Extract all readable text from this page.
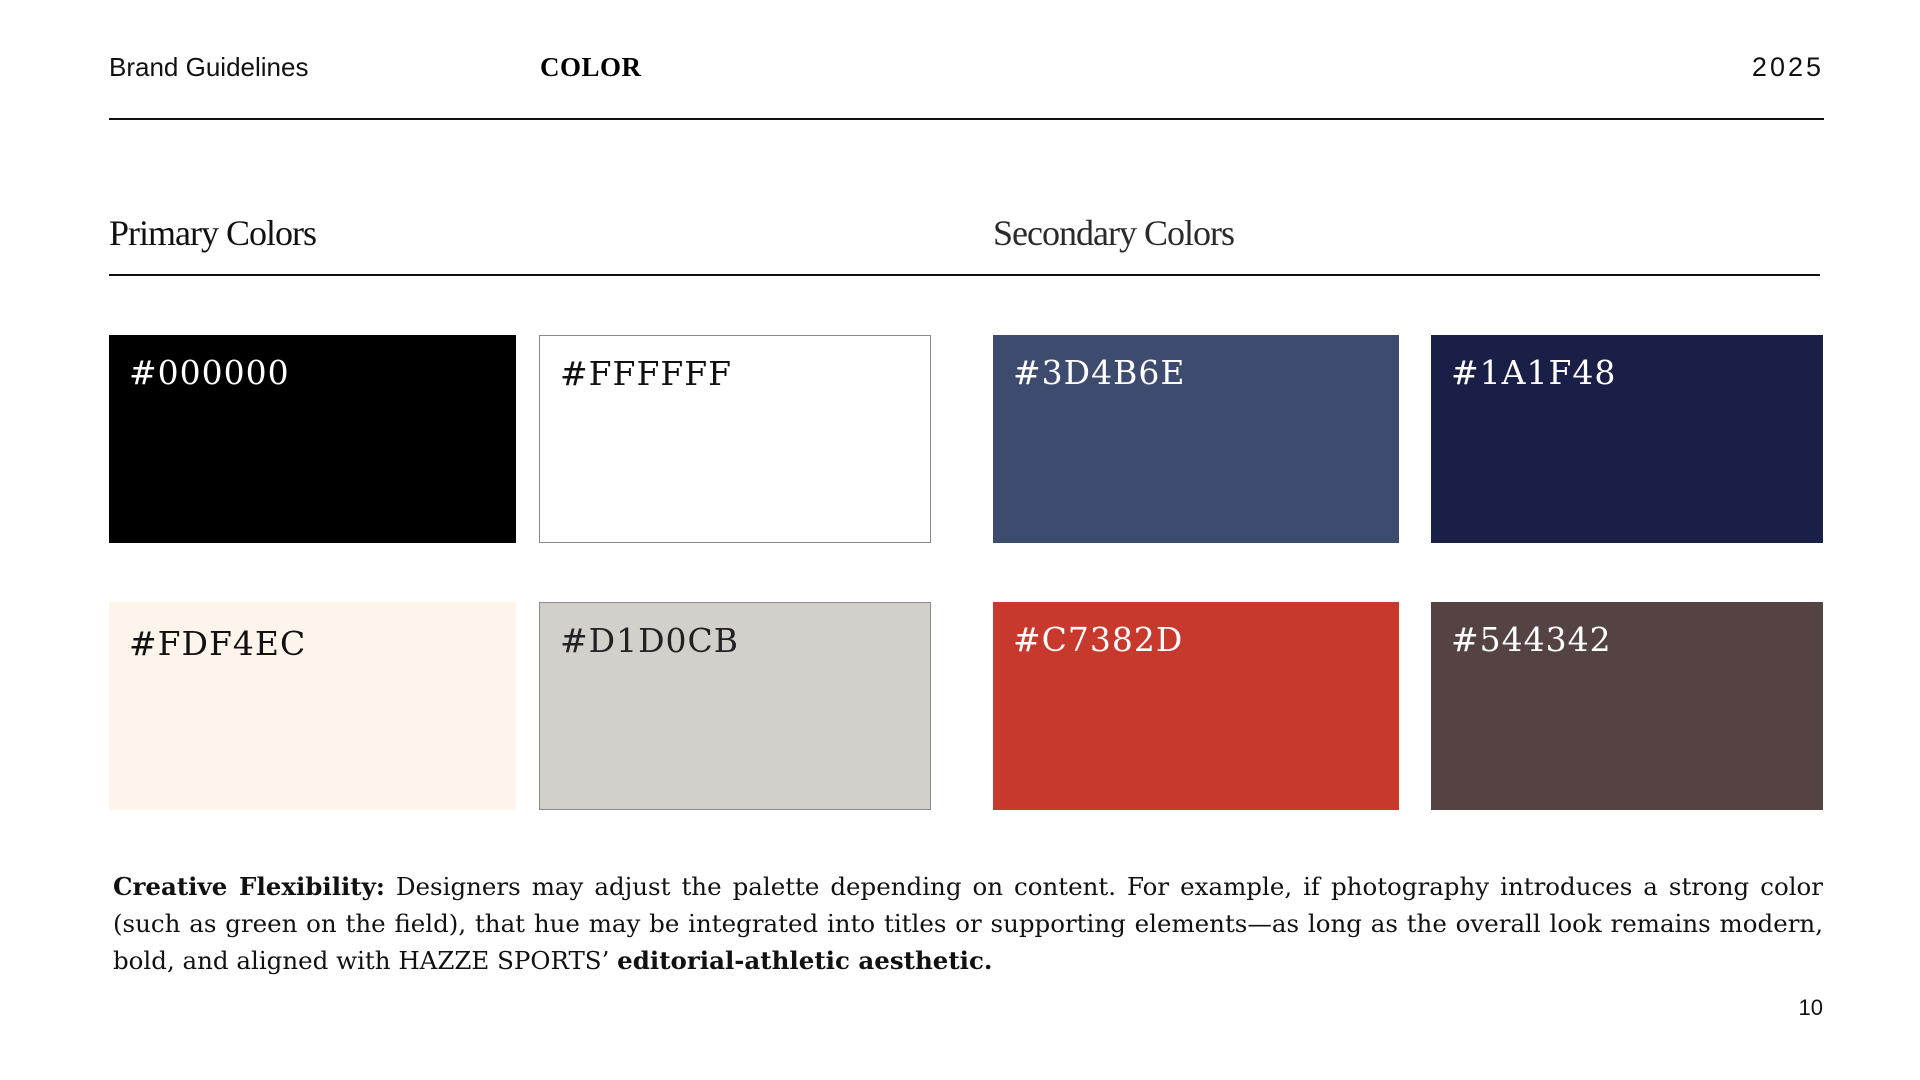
Brand Guidelines	COLOR	2025
Primary Colors	Secondary Colors
#000000	#FFFFFF
#FDF4EC	#D1D0CB
#3D4B6E	#1A1F48
#C7382D	#544342
Creative Flexibility: Designers may adjust the palette depending on content. For example, if photography introduces a strong color (such as green on the field), that hue may be integrated into titles or supporting elements—as long as the overall look remains modern, bold, and aligned with HAZZE SPORTS’ editorial-athletic aesthetic.
10
